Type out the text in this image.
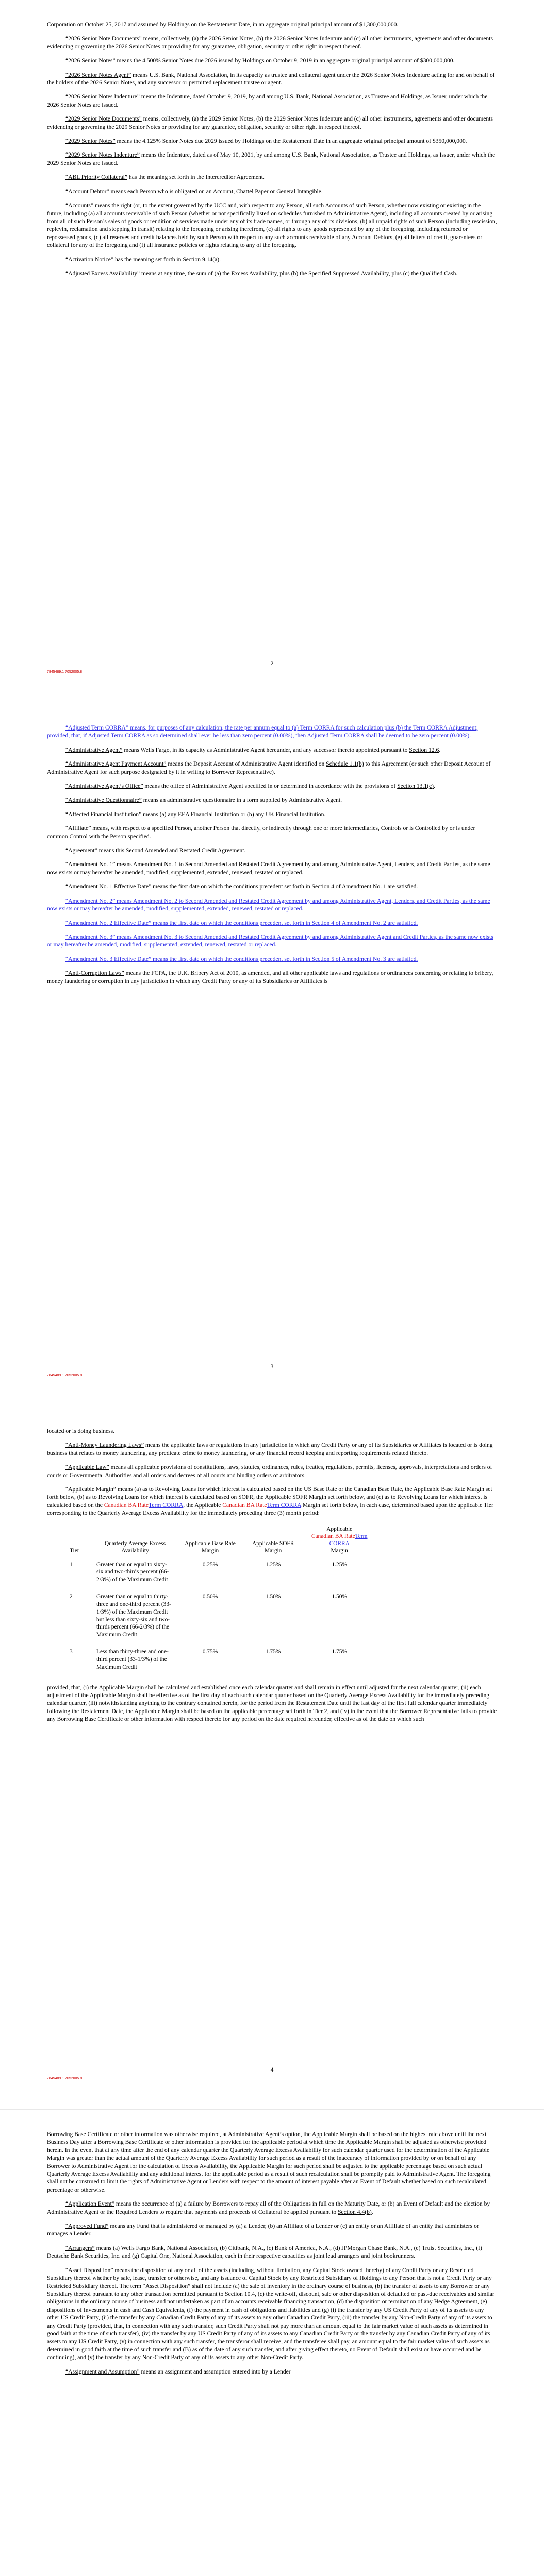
Corporation on October 25, 2017 and assumed by Holdings on the Restatement Date, in an aggregate original principal amount of $1,300,000,000.

“2026 Senior Note Documents” means, collectively, (a) the 2026 Senior Notes, (b) the 2026 Senior Notes Indenture and (c) all other instruments, agreements and other documents evidencing or governing the 2026 Senior Notes or providing for any guarantee, obligation, security or other right in respect thereof.

“2026 Senior Notes” means the 4.500% Senior Notes due 2026 issued by Holdings on October 9, 2019 in an aggregate original principal amount of $300,000,000.

“2026 Senior Notes Agent” means U.S. Bank, National Association, in its capacity as trustee and collateral agent under the 2026 Senior Notes Indenture acting for and on behalf of the holders of the 2026 Senior Notes, and any successor or permitted replacement trustee or agent.

“2026 Senior Notes Indenture” means the Indenture, dated October 9, 2019, by and among U.S. Bank, National Association, as Trustee and Holdings, as Issuer, under which the 2026 Senior Notes are issued.

“2029 Senior Note Documents” means, collectively, (a) the 2029 Senior Notes, (b) the 2029 Senior Notes Indenture and (c) all other instruments, agreements and other documents evidencing or governing the 2029 Senior Notes or providing for any guarantee, obligation, security or other right in respect thereof.

“2029 Senior Notes” means the 4.125% Senior Notes due 2029 issued by Holdings on the Restatement Date in an aggregate original principal amount of $350,000,000.

“2029 Senior Notes Indenture” means the Indenture, dated as of May 10, 2021, by and among U.S. Bank, National Association, as Trustee and Holdings, as Issuer, under which the 2029 Senior Notes are issued.

“ABL Priority Collateral” has the meaning set forth in the Intercreditor Agreement.

“Account Debtor” means each Person who is obligated on an Account, Chattel Paper or General Intangible.

“Accounts” means the right (or, to the extent governed by the UCC and, with respect to any Person, all such Accounts of such Person, whether now existing or existing in the future, including (a) all accounts receivable of such Person (whether or not specifically listed on schedules furnished to Administrative Agent), including all accounts created by or arising from all of such Person’s sales of goods or rendition of services made under any of its trade names, or through any of its divisions, (b) all unpaid rights of such Person (including rescission, replevin, reclamation and stopping in transit) relating to the foregoing or arising therefrom, (c) all rights to any goods represented by any of the foregoing, including returned or repossessed goods, (d) all reserves and credit balances held by such Person with respect to any such accounts receivable of any Account Debtors, (e) all letters of credit, guarantees or collateral for any of the foregoing and (f) all insurance policies or rights relating to any of the foregoing.

“Activation Notice” has the meaning set forth in Section 9.14(a).

“Adjusted Excess Availability” means at any time, the sum of (a) the Excess Availability, plus (b) the Specified Suppressed Availability, plus (c) the Qualified Cash.

2
7845489.1 7052005.8

“Adjusted Term CORRA” means, for purposes of any calculation, the rate per annum equal to (a) Term CORRA for such calculation plus (b) the Term CORRA Adjustment; provided, that, if Adjusted Term CORRA as so determined shall ever be less than zero percent (0.00%), then Adjusted Term CORRA shall be deemed to be zero percent (0.00%).

“Administrative Agent” means Wells Fargo, in its capacity as Administrative Agent hereunder, and any successor thereto appointed pursuant to Section 12.6.

“Administrative Agent Payment Account” means the Deposit Account of Administrative Agent identified on Schedule 1.1(b) to this Agreement (or such other Deposit Account of Administrative Agent for such purpose designated by it in writing to Borrower Representative).

“Administrative Agent’s Office” means the office of Administrative Agent specified in or determined in accordance with the provisions of Section 13.1(c).

“Administrative Questionnaire” means an administrative questionnaire in a form supplied by Administrative Agent.

“Affected Financial Institution” means (a) any EEA Financial Institution or (b) any UK Financial Institution.

“Affiliate” means, with respect to a specified Person, another Person that directly, or indirectly through one or more intermediaries, Controls or is Controlled by or is under common Control with the Person specified.

“Agreement” means this Second Amended and Restated Credit Agreement.

“Amendment No. 1” means Amendment No. 1 to Second Amended and Restated Credit Agreement by and among Administrative Agent, Lenders, and Credit Parties, as the same now exists or may hereafter be amended, modified, supplemented, extended, renewed, restated or replaced.

“Amendment No. 1 Effective Date” means the first date on which the conditions precedent set forth in Section 4 of Amendment No. 1 are satisfied.

“Amendment No. 2” means Amendment No. 2 to Second Amended and Restated Credit Agreement by and among Administrative Agent, Lenders, and Credit Parties, as the same now exists or may hereafter be amended, modified, supplemented, extended, renewed, restated or replaced.

“Amendment No. 2 Effective Date” means the first date on which the conditions precedent set forth in Section 4 of Amendment No. 2 are satisfied.

“Amendment No. 3” means Amendment No. 3 to Second Amended and Restated Credit Agreement by and among Administrative Agent and Credit Parties, as the same now exists or may hereafter be amended, modified, supplemented, extended, renewed, restated or replaced.

“Amendment No. 3 Effective Date” means the first date on which the conditions precedent set forth in Section 5 of Amendment No. 3 are satisfied.

“Anti-Corruption Laws” means the FCPA, the U.K. Bribery Act of 2010, as amended, and all other applicable laws and regulations or ordinances concerning or relating to bribery, money laundering or corruption in any jurisdiction in which any Credit Party or any of its Subsidiaries or Affiliates is

3
7845489.1 7052005.8

located or is doing business.

“Anti-Money Laundering Laws” means the applicable laws or regulations in any jurisdiction in which any Credit Party or any of its Subsidiaries or Affiliates is located or is doing business that relates to money laundering, any predicate crime to money laundering, or any financial record keeping and reporting requirements related thereto.

“Applicable Law” means all applicable provisions of constitutions, laws, statutes, ordinances, rules, treaties, regulations, permits, licenses, approvals, interpretations and orders of courts or Governmental Authorities and all orders and decrees of all courts and binding orders of arbitrators.

“Applicable Margin” means (a) as to Revolving Loans for which interest is calculated based on the US Base Rate or the Canadian Base Rate, the Applicable Base Rate Margin set forth below, (b) as to Revolving Loans for which interest is calculated based on SOFR, the Applicable SOFR Margin set forth below, and (c) as to Revolving Loans for which interest is calculated based on the Canadian BA RateTerm CORRA, the Applicable Canadian BA RateTerm CORRA Margin set forth below, in each case, determined based upon the applicable Tier corresponding to the Quarterly Average Excess Availability for the immediately preceding three (3) month period:

Tier	Quarterly Average Excess Availability	Applicable Base Rate Margin	Applicable SOFR Margin	Applicable
Canadian BA RateTerm CORRA
Margin
1	Greater than or equal to sixty-six and two-thirds percent (66-2/3%) of the Maximum Credit	0.25%	1.25%	1.25%
2	Greater than or equal to thirty-three and one-third percent (33-1/3%) of the Maximum Credit but less than sixty-six and two-thirds percent (66-2/3%) of the Maximum Credit	0.50%	1.50%	1.50%
3	Less than thirty-three and one-third percent (33-1/3%) of the Maximum Credit	0.75%	1.75%	1.75%

provided, that, (i) the Applicable Margin shall be calculated and established once each calendar quarter and shall remain in effect until adjusted for the next calendar quarter, (ii) each adjustment of the Applicable Margin shall be effective as of the first day of each such calendar quarter based on the Quarterly Average Excess Availability for the immediately preceding calendar quarter, (iii) notwithstanding anything to the contrary contained herein, for the period from the Restatement Date until the last day of the first full calendar quarter immediately following the Restatement Date, the Applicable Margin shall be based on the applicable percentage set forth in Tier 2, and (iv) in the event that the Borrower Representative fails to provide any Borrowing Base Certificate or other information with respect thereto for any period on the date required hereunder, effective as of the date on which such

4
7845489.1 7052005.8

Borrowing Base Certificate or other information was otherwise required, at Administrative Agent’s option, the Applicable Margin shall be based on the highest rate above until the next Business Day after a Borrowing Base Certificate or other information is provided for the applicable period at which time the Applicable Margin shall be adjusted as otherwise provided herein. In the event that at any time after the end of any calendar quarter the Quarterly Average Excess Availability for such calendar quarter used for the determination of the Applicable Margin was greater than the actual amount of the Quarterly Average Excess Availability for such period as a result of the inaccuracy of information provided by or on behalf of any Borrower to Administrative Agent for the calculation of Excess Availability, the Applicable Margin for such period shall be adjusted to the applicable percentage based on such actual Quarterly Average Excess Availability and any additional interest for the applicable period as a result of such recalculation shall be promptly paid to Administrative Agent. The foregoing shall not be construed to limit the rights of Administrative Agent or Lenders with respect to the amount of interest payable after an Event of Default whether based on such recalculated percentage or otherwise.

“Application Event” means the occurrence of (a) a failure by Borrowers to repay all of the Obligations in full on the Maturity Date, or (b) an Event of Default and the election by Administrative Agent or the Required Lenders to require that payments and proceeds of Collateral be applied pursuant to Section 4.4(b).

“Approved Fund” means any Fund that is administered or managed by (a) a Lender, (b) an Affiliate of a Lender or (c) an entity or an Affiliate of an entity that administers or manages a Lender.

“Arrangers” means (a) Wells Fargo Bank, National Association, (b) Citibank, N.A., (c) Bank of America, N.A., (d) JPMorgan Chase Bank, N.A., (e) Truist Securities, Inc., (f) Deutsche Bank Securities, Inc. and (g) Capital One, National Association, each in their respective capacities as joint lead arrangers and joint bookrunners.

“Asset Disposition” means the disposition of any or all of the assets (including, without limitation, any Capital Stock owned thereby) of any Credit Party or any Restricted Subsidiary thereof whether by sale, lease, transfer or otherwise, and any issuance of Capital Stock by any Restricted Subsidiary of Holdings to any Person that is not a Credit Party or any Restricted Subsidiary thereof. The term “Asset Disposition” shall not include (a) the sale of inventory in the ordinary course of business, (b) the transfer of assets to any Borrower or any Subsidiary thereof pursuant to any other transaction permitted pursuant to Section 10.4, (c) the write-off, discount, sale or other disposition of defaulted or past-due receivables and similar obligations in the ordinary course of business and not undertaken as part of an accounts receivable financing transaction, (d) the disposition or termination of any Hedge Agreement, (e) dispositions of Investments in cash and Cash Equivalents, (f) the payment in cash of obligations and liabilities and (g) (i) the transfer by any US Credit Party of any of its assets to any other US Credit Party, (ii) the transfer by any Canadian Credit Party of any of its assets to any other Canadian Credit Party, (iii) the transfer by any Non-Credit Party of any of its assets to any Credit Party (provided, that, in connection with any such transfer, such Credit Party shall not pay more than an amount equal to the fair market value of such assets as determined in good faith at the time of such transfer), (iv) the transfer by any US Credit Party of any of its assets to any Canadian Credit Party or the transfer by any Canadian Credit Party of any of its assets to any US Credit Party, (v) in connection with any such transfer, the transferor shall receive, and the transferee shall pay, an amount equal to the fair market value of such assets as determined in good faith at the time of such transfer and (B) as of the date of any such transfer, and after giving effect thereto, no Event of Default shall exist or have occurred and be continuing), and (v) the transfer by any Non-Credit Party of any of its assets to any other Non-Credit Party.

“Assignment and Assumption” means an assignment and assumption entered into by a Lender
